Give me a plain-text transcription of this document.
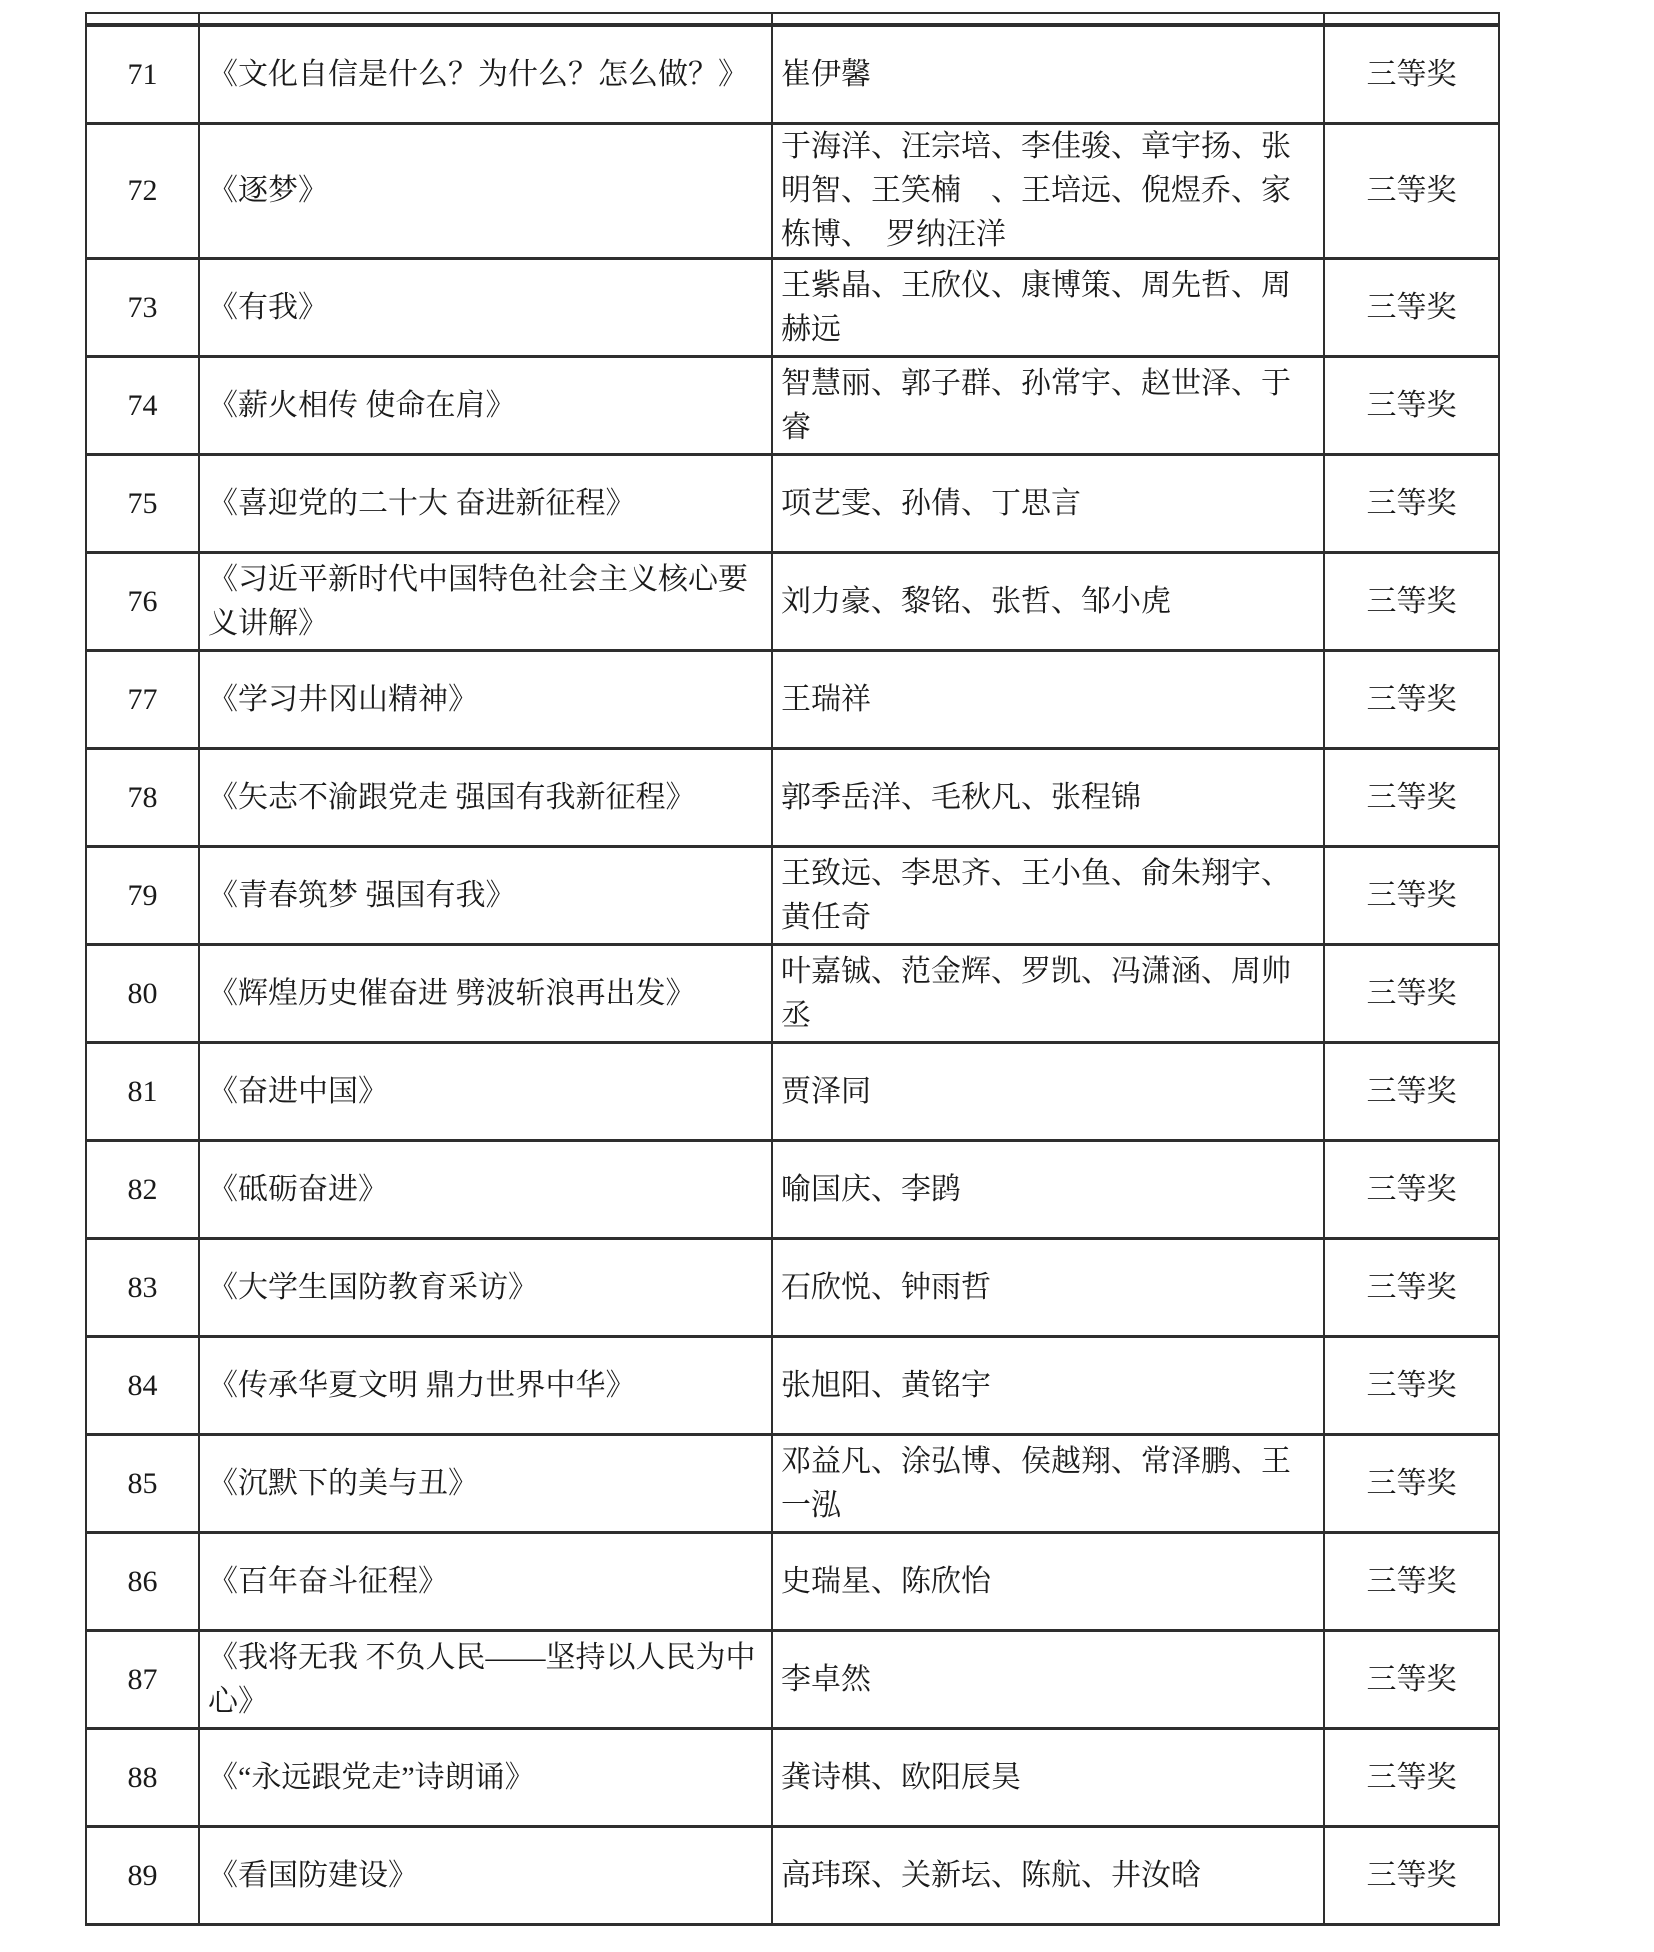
71	《文化自信是什么？为什么？怎么做？》	崔伊馨	三等奖
72	《逐梦》	于海洋、汪宗培、李佳骏、章宇扬、张明智、王笑楠　、王培远、倪煜乔、家栋博、　罗纳汪洋	三等奖
73	《有我》	王紫晶、王欣仪、康博策、周先哲、周赫远	三等奖
74	《薪火相传 使命在肩》	智慧丽、郭子群、孙常宇、赵世泽、于睿	三等奖
75	《喜迎党的二十大 奋进新征程》	项艺雯、孙倩、丁思言	三等奖
76	《习近平新时代中国特色社会主义核心要义讲解》	刘力豪、黎铭、张哲、邹小虎	三等奖
77	《学习井冈山精神》	王瑞祥	三等奖
78	《矢志不渝跟党走 强国有我新征程》	郭季岳洋、毛秋凡、张程锦	三等奖
79	《青春筑梦 强国有我》	王致远、李思齐、王小鱼、俞朱翔宇、黄任奇	三等奖
80	《辉煌历史催奋进 劈波斩浪再出发》	叶嘉铖、范金辉、罗凯、冯潇涵、周帅丞	三等奖
81	《奋进中国》	贾泽同	三等奖
82	《砥砺奋进》	喻国庆、李鹍	三等奖
83	《大学生国防教育采访》	石欣悦、钟雨哲	三等奖
84	《传承华夏文明 鼎力世界中华》	张旭阳、黄铭宇	三等奖
85	《沉默下的美与丑》	邓益凡、涂弘博、侯越翔、常泽鹏、王一泓	三等奖
86	《百年奋斗征程》	史瑞星、陈欣怡	三等奖
87	《我将无我 不负人民——坚持以人民为中心》	李卓然	三等奖
88	《“永远跟党走”诗朗诵》	龚诗棋、欧阳辰昊	三等奖
89	《看国防建设》	高玮琛、关新坛、陈航、井汝晗	三等奖
